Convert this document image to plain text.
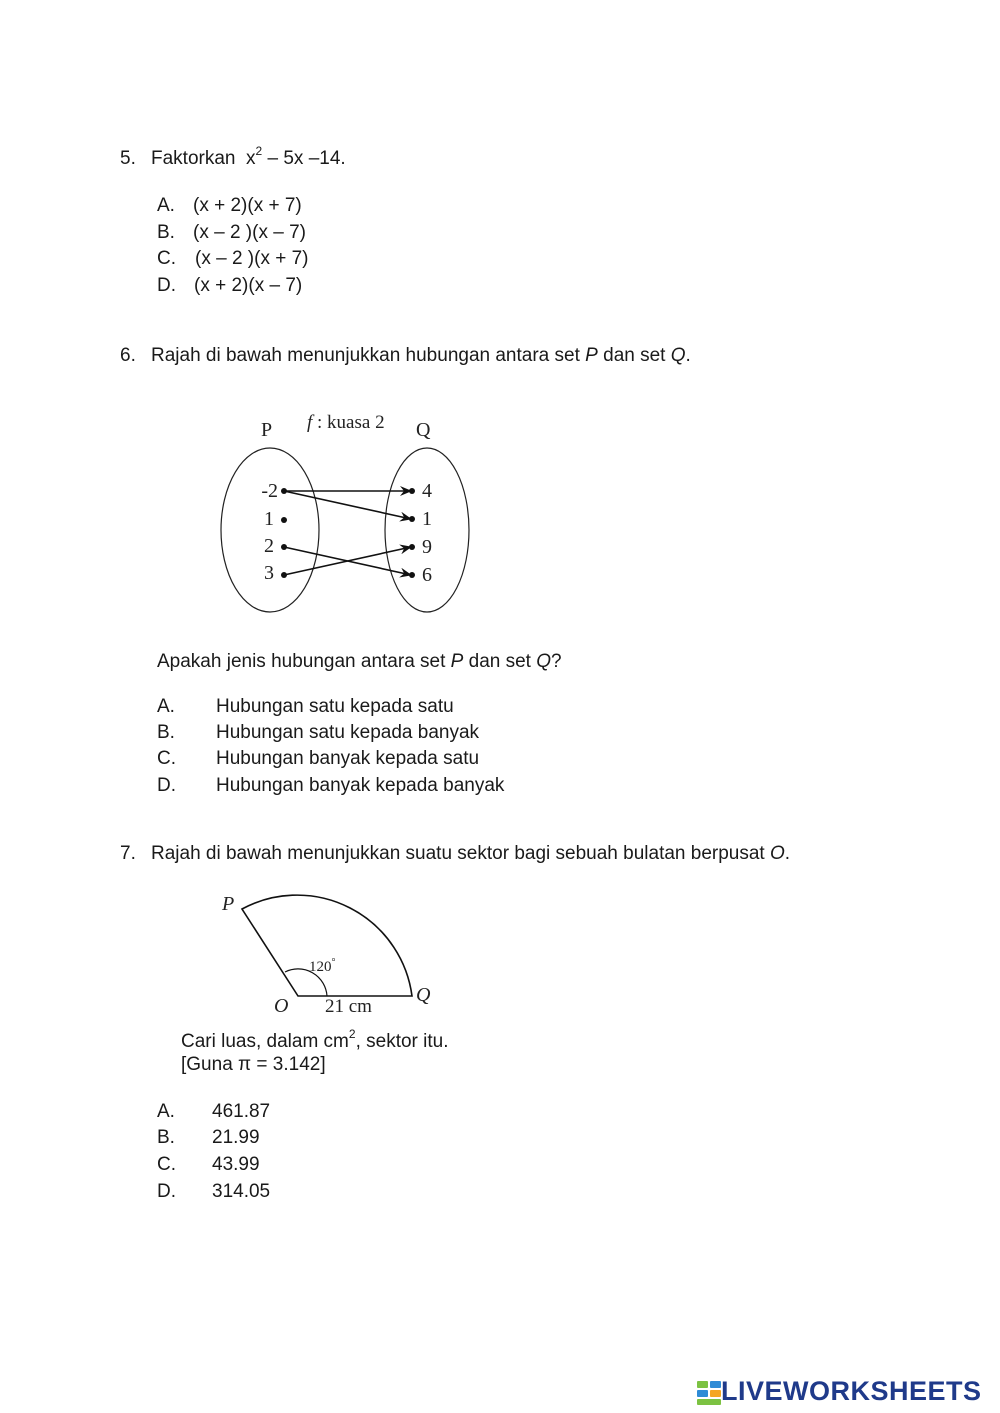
5. Faktorkan $x^2 - 5x$ –14.
A. (x + 2)(x + 7)
B. (x – 2 )(x – 7)
C. (x – 2 )(x + 7)
D. (x + 2)(x – 7)
6. Rajah di bawah menunjukkan hubungan antara set P dan set Q.
P	Q
f : kuasa 2
-2
1
2
3
4
1
9
6
Apakah jenis hubungan antara set P dan set Q?
A. Hubungan satu kepada satu
B. Hubungan satu kepada banyak
C. Hubungan banyak kepada satu
D. Hubungan banyak kepada banyak
7. Rajah di bawah menunjukkan suatu sektor bagi sebuah bulatan berpusat O.
P
O	Q
120°
21 cm
Cari luas, dalam $cm^2$, sektor itu.
[Guna π = 3.142]
A. 461.87
B. 21.99
C. 43.99
D. 314.05
LIVEWORKSHEETS
